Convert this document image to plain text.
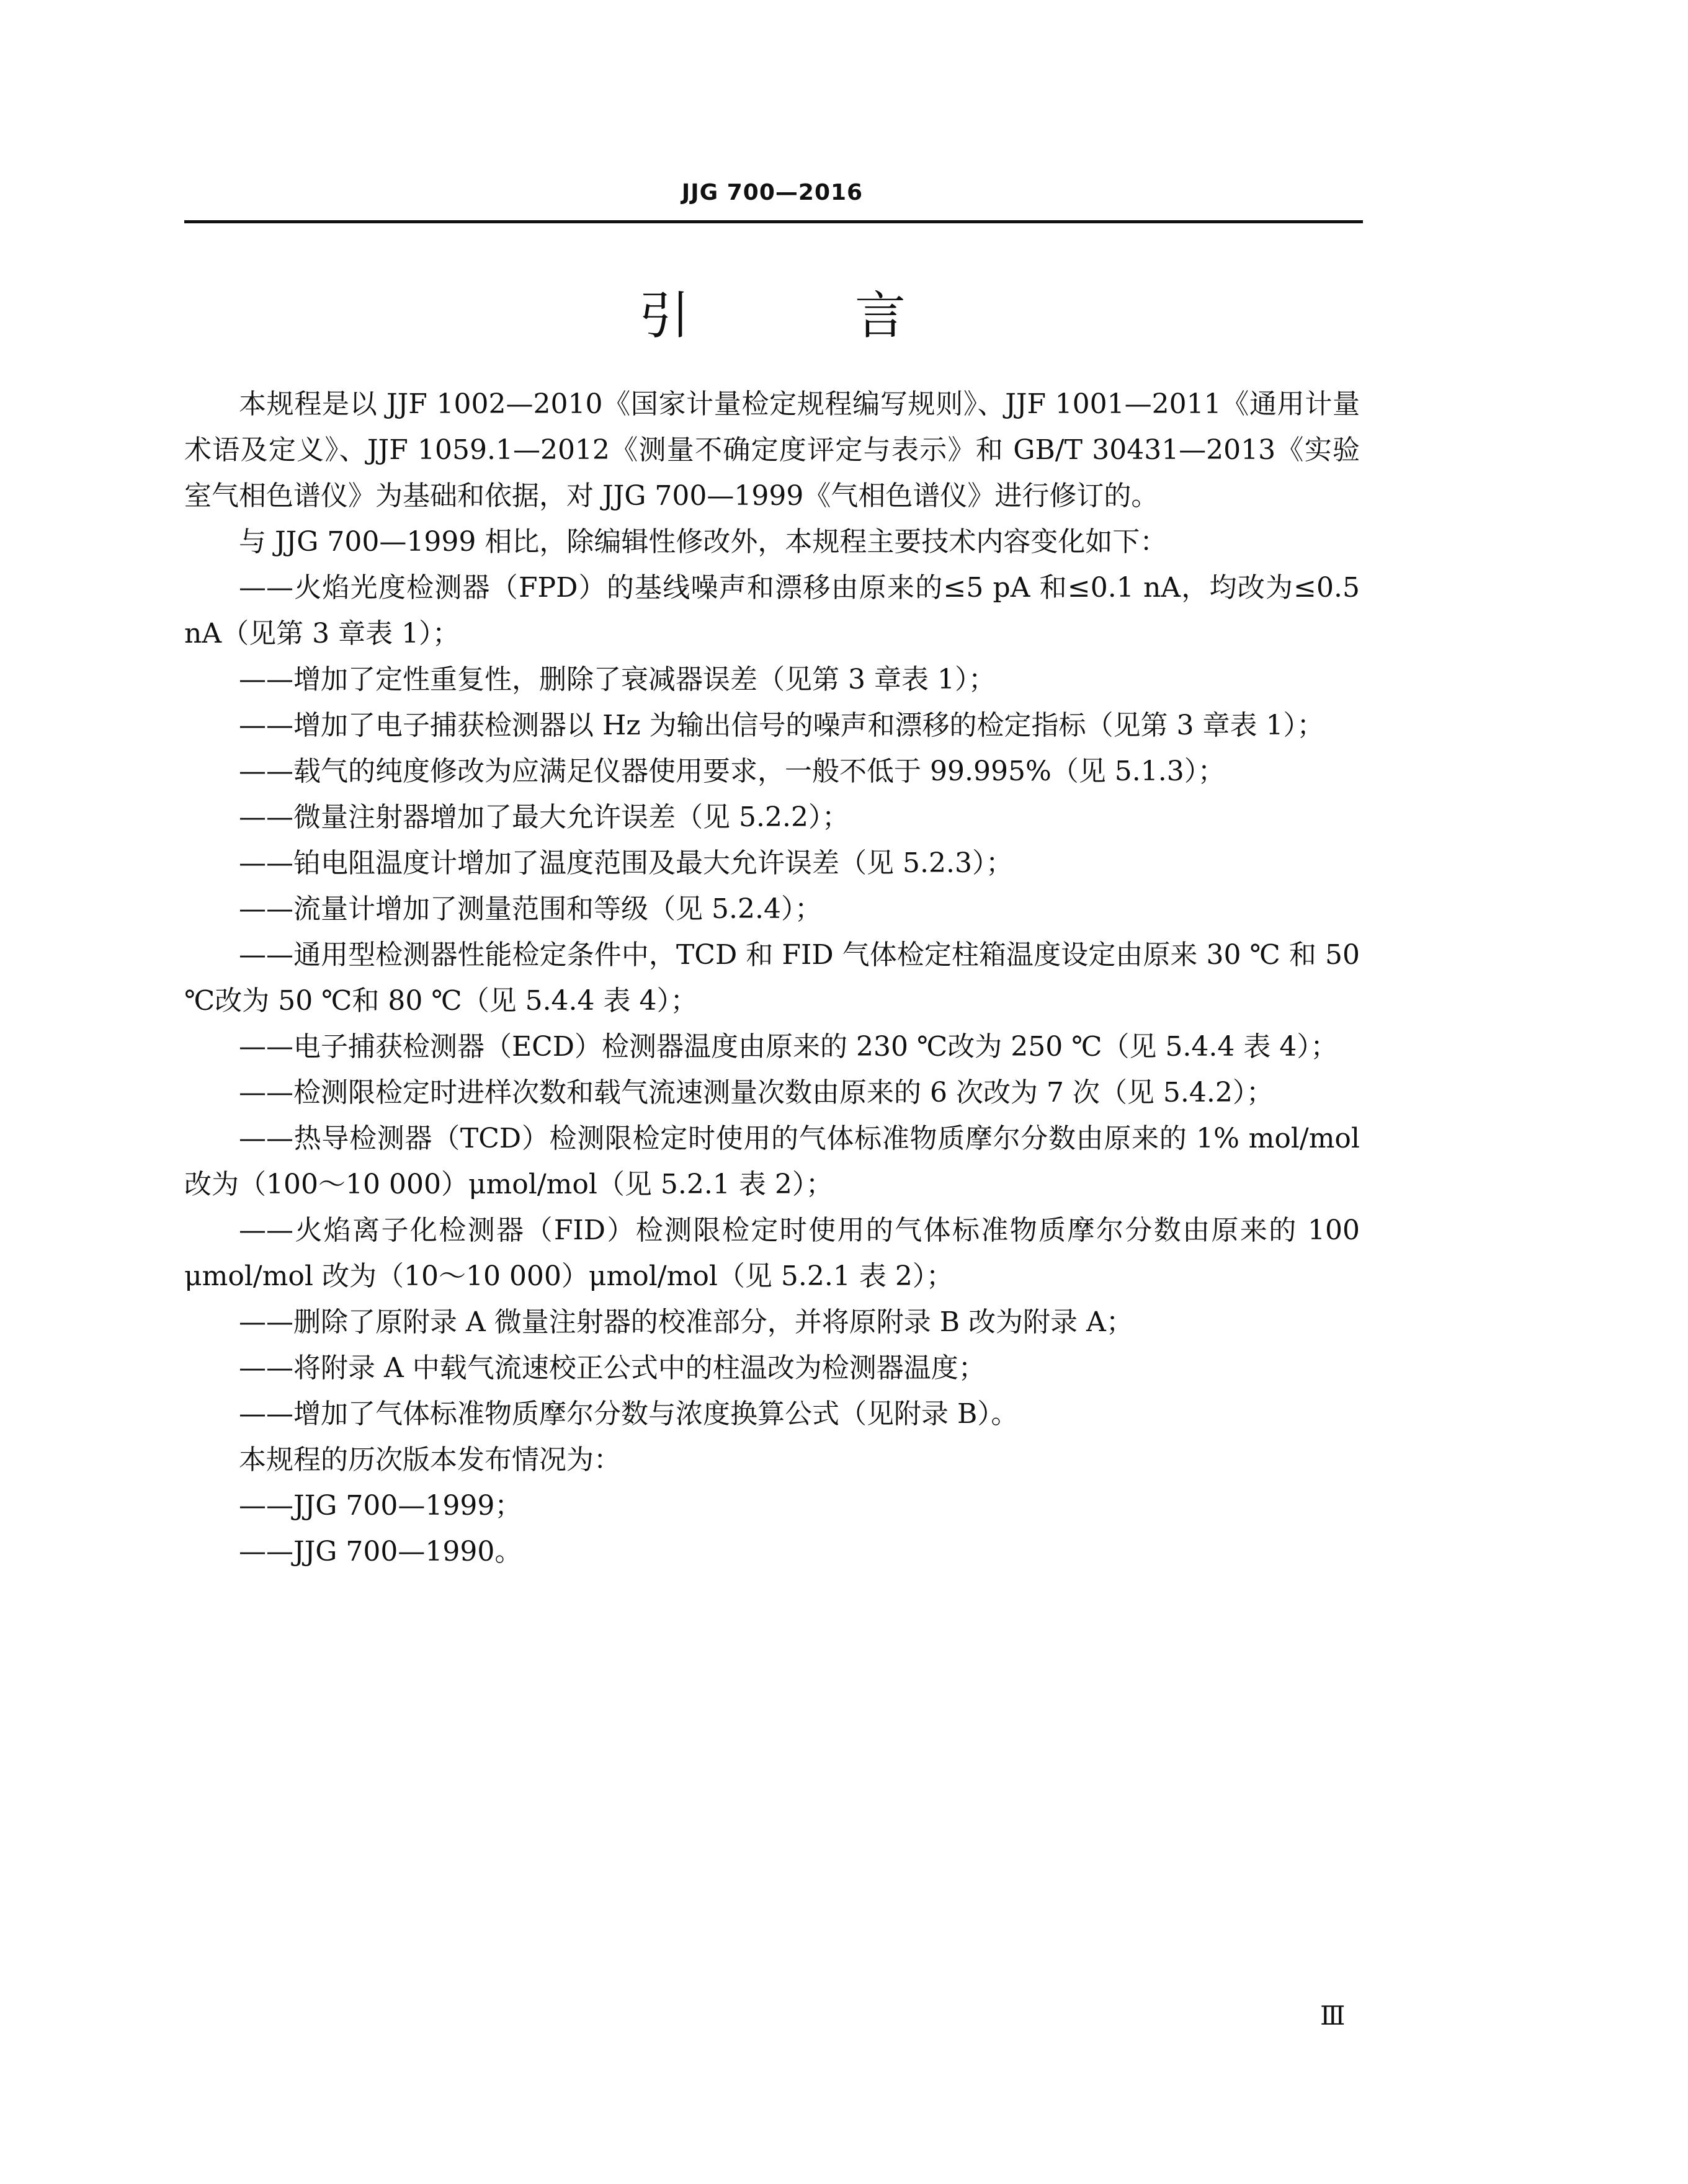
JJG 700—2016
引 言

本规程是以 JJF 1002—2010《国家计量检定规程编写规则》、JJF 1001—2011《通用计量术语及定义》、JJF 1059.1—2012《测量不确定度评定与表示》和 GB/T 30431—2013《实验室气相色谱仪》为基础和依据，对 JJG 700—1999《气相色谱仪》进行修订的。

与 JJG 700—1999 相比，除编辑性修改外，本规程主要技术内容变化如下：

——火焰光度检测器（FPD）的基线噪声和漂移由原来的≤5 pA 和≤0.1 nA，均改为≤0.5 nA（见第 3 章表 1）；

——增加了定性重复性，删除了衰减器误差（见第 3 章表 1）；

——增加了电子捕获检测器以 Hz 为输出信号的噪声和漂移的检定指标（见第 3 章表 1）；

——载气的纯度修改为应满足仪器使用要求，一般不低于 99.995%（见 5.1.3）；

——微量注射器增加了最大允许误差（见 5.2.2）；

——铂电阻温度计增加了温度范围及最大允许误差（见 5.2.3）；

——流量计增加了测量范围和等级（见 5.2.4）；

——通用型检测器性能检定条件中，TCD 和 FID 气体检定柱箱温度设定由原来 30 ℃ 和 50 ℃改为 50 ℃和 80 ℃（见 5.4.4 表 4）；

——电子捕获检测器（ECD）检测器温度由原来的 230 ℃改为 250 ℃（见 5.4.4 表 4）；

——检测限检定时进样次数和载气流速测量次数由原来的 6 次改为 7 次（见 5.4.2）；

——热导检测器（TCD）检测限检定时使用的气体标准物质摩尔分数由原来的 1% mol/mol 改为（100～10 000）μmol/mol（见 5.2.1 表 2）；

——火焰离子化检测器（FID）检测限检定时使用的气体标准物质摩尔分数由原来的 100 μmol/mol 改为（10～10 000）μmol/mol（见 5.2.1 表 2）；

——删除了原附录 A 微量注射器的校准部分，并将原附录 B 改为附录 A；

——将附录 A 中载气流速校正公式中的柱温改为检测器温度；

——增加了气体标准物质摩尔分数与浓度换算公式（见附录 B）。

本规程的历次版本发布情况为：

——JJG 700—1999；

——JJG 700—1990。

Ⅲ
